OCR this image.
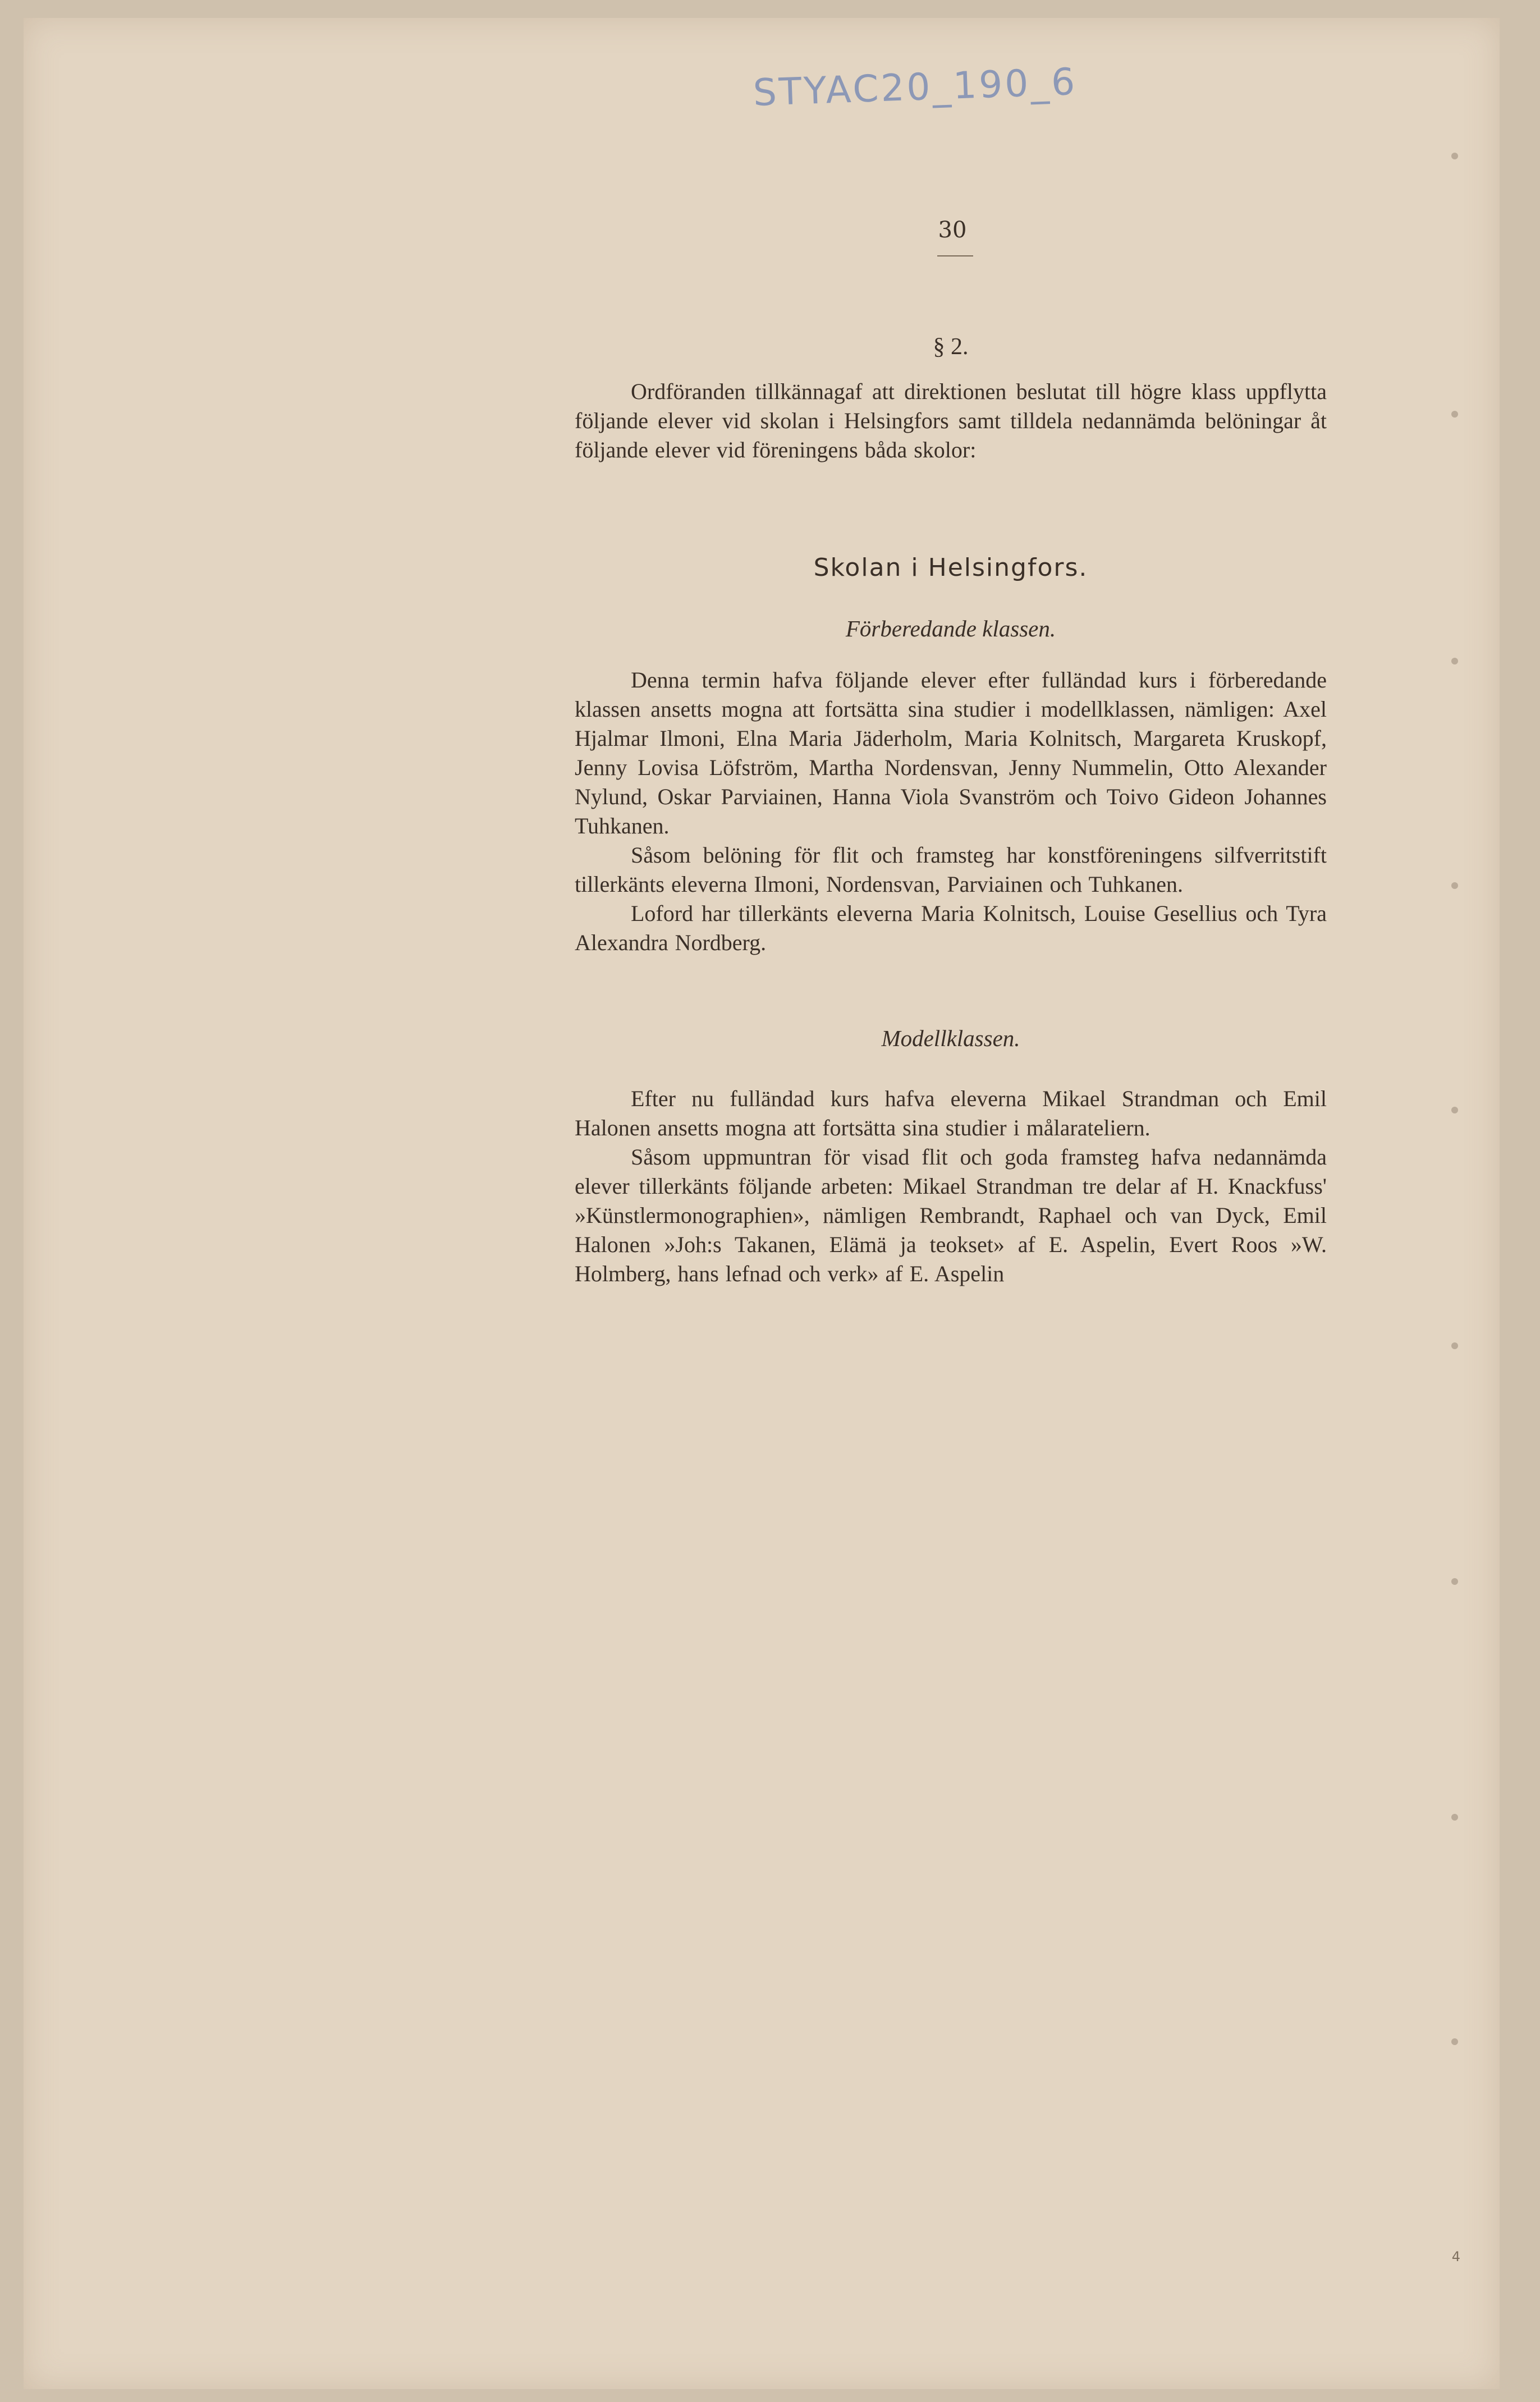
STYAC20_190_6
30
§ 2.

Ordföranden tillkännagaf att direktionen beslutat till högre klass uppflytta följande elever vid skolan i Helsingfors samt tilldela nedannämda belöningar åt följande elever vid föreningens båda skolor:

Skolan i Helsingfors.
Förberedande klassen.

Denna termin hafva följande elever efter fulländad kurs i förberedande klassen ansetts mogna att fortsätta sina studier i modellklassen, nämligen: Axel Hjalmar Ilmoni, Elna Maria Jäderholm, Maria Kolnitsch, Margareta Kruskopf, Jenny Lovisa Löfström, Martha Nordensvan, Jenny Nummelin, Otto Alexander Nylund, Oskar Parviainen, Hanna Viola Svanström och Toivo Gideon Johannes Tuhkanen.

Såsom belöning för flit och framsteg har konstföreningens silfverritstift tillerkänts eleverna Ilmoni, Nordensvan, Parviainen och Tuhkanen.

Loford har tillerkänts eleverna Maria Kolnitsch, Louise Gesellius och Tyra Alexandra Nordberg.

Modellklassen.

Efter nu fulländad kurs hafva eleverna Mikael Strandman och Emil Halonen ansetts mogna att fortsätta sina studier i målarateliern.

Såsom uppmuntran för visad flit och goda framsteg hafva nedannämda elever tillerkänts följande arbeten: Mikael Strandman tre delar af H. Knackfuss' »Künstlermonographien», nämligen Rembrandt, Raphael och van Dyck, Emil Halonen »Joh:s Takanen, Elämä ja teokset» af E. Aspelin, Evert Roos »W. Holmberg, hans lefnad och verk» af E. Aspelin

4
